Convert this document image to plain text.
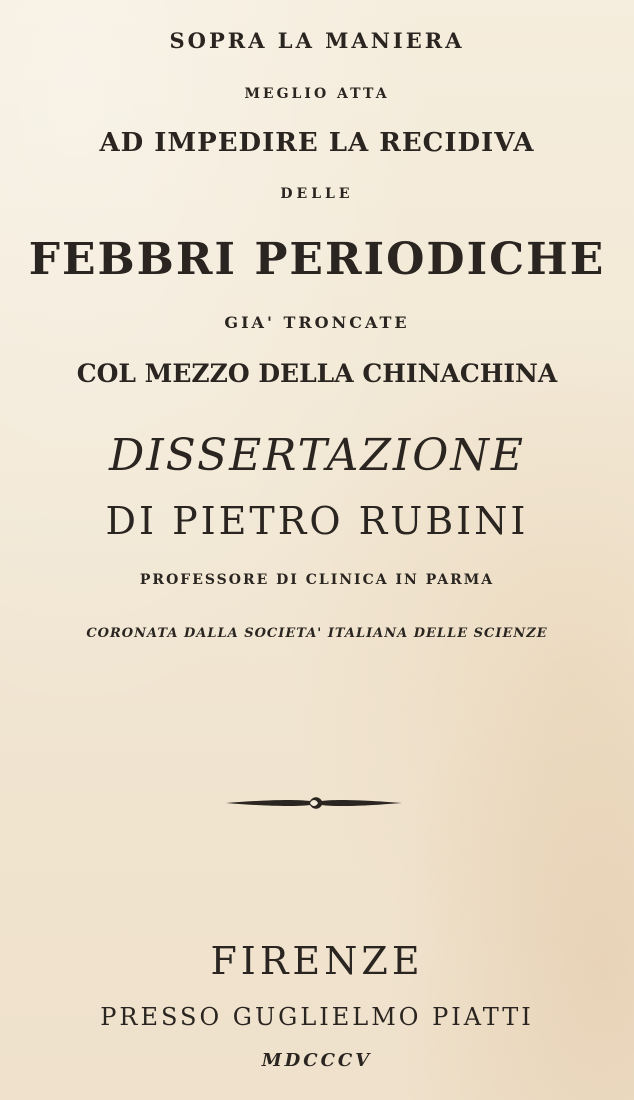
SOPRA LA MANIERA
MEGLIO ATTA
AD IMPEDIRE LA RECIDIVA
DELLE
FEBBRI PERIODICHE
GIA' TRONCATE
COL MEZZO DELLA CHINACHINA
DISSERTAZIONE
DI PIETRO RUBINI
PROFESSORE DI CLINICA IN PARMA
CORONATA DALLA SOCIETA' ITALIANA DELLE SCIENZE
FIRENZE
PRESSO GUGLIELMO PIATTI
MDCCCV
